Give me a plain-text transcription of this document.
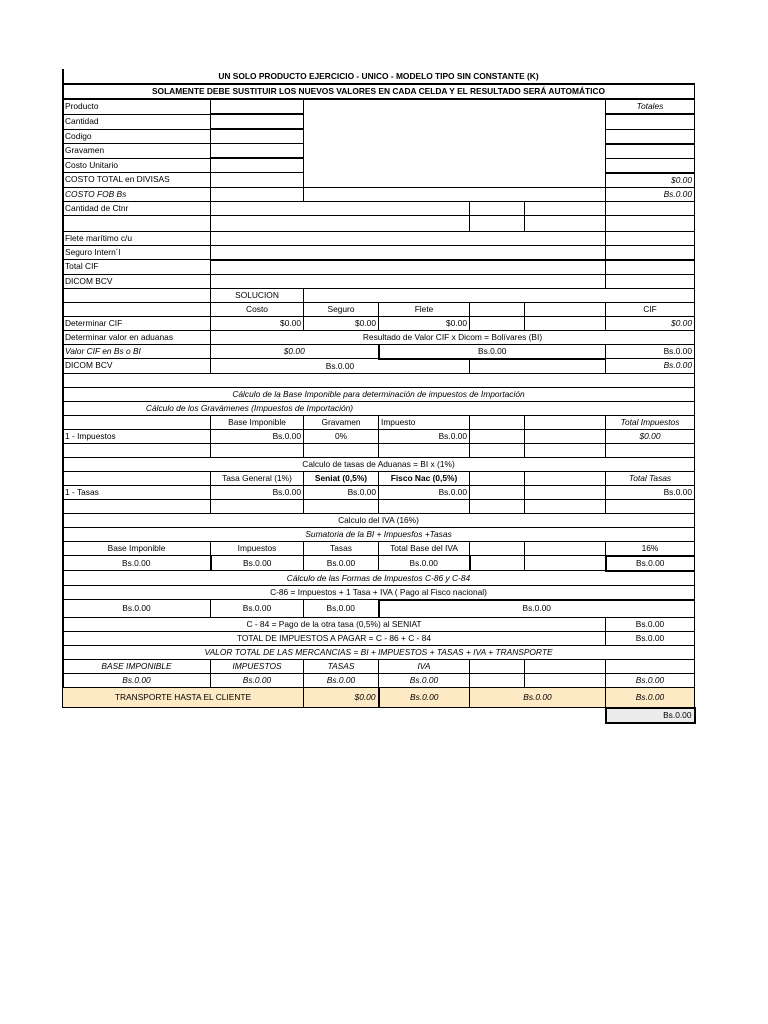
UN SOLO PRODUCTO EJERCICIO - UNICO - MODELO TIPO SIN CONSTANTE (K)						
SOLAMENTE DEBE SUSTITUIR LOS NUEVOS VALORES EN CADA CELDA Y EL RESULTADO SERÁ AUTOMÁTICO						
Producto						Totales
Cantidad						
Codigo						
Gravamen						
Costo Unitario						
COSTO TOTAL en DIVISAS						$0.00
COSTO FOB Bs						Bs.0.00
Cantidad de Ctnr						

Flete marítimo c/u						
Seguro Intern´l						
Total CIF						
DICOM BCV						
	SOLUCION					
	Costo	Seguro	Flete			CIF
Determinar CIF	$0.00	$0.00	$0.00			$0.00
Determinar valor en aduanas	Resultado de Valor CIF x Dicom = Bolívares (BI)					
Valor CIF en Bs o BI	$0.00		Bs.0.00			Bs.0.00
DICOM BCV	Bs.0.00					Bs.0.00

Cálculo de la Base Imponible para determinación de impuestos de Importación						
Cálculo de los Gravámenes (Impuestos de Importación)						
	Base Imponible	Gravamen	Impuesto			Total Impuestos
1 - Impuestos	Bs.0.00	0%	Bs.0.00			$0.00

Calculo de tasas de Aduanas = BI x (1%)						
	Tasa General (1%)	Seniat (0,5%)	Fisco Nac (0,5%)			Total Tasas
1 - Tasas	Bs.0.00	Bs.0.00	Bs.0.00			Bs.0.00

Calculo del IVA (16%)						
Sumatoria de la BI + Impuesfos +Tasas						
Base Imponible	Impuestos	Tasas	Total Base del IVA			16%
Bs.0.00	Bs.0.00	Bs.0.00	Bs.0.00			Bs.0.00
Cálculo de las Formas de Impuestos C-86 y C-84						
C-86 = Impuestos + 1 Tasa + IVA ( Pago al Fisco nacional)						
Bs.0.00	Bs.0.00	Bs.0.00	Bs.0.00			
C - 84 = Pago de la otra tasa (0,5%) al SENIAT						Bs.0.00
TOTAL DE IMPUESTOS A PAGAR = C - 86 + C - 84						Bs.0.00
VALOR TOTAL DE LAS MERCANCIAS = BI + IMPUESTOS + TASAS + IVA + TRANSPORTE						
BASE IMPONIBLE	IMPUESTOS	TASAS	IVA			
Bs.0.00	Bs.0.00	Bs.0.00	Bs.0.00			Bs.0.00
TRANSPORTE HASTA EL CLIENTE		$0.00	Bs.0.00	Bs.0.00		Bs.0.00
						Bs.0.00
